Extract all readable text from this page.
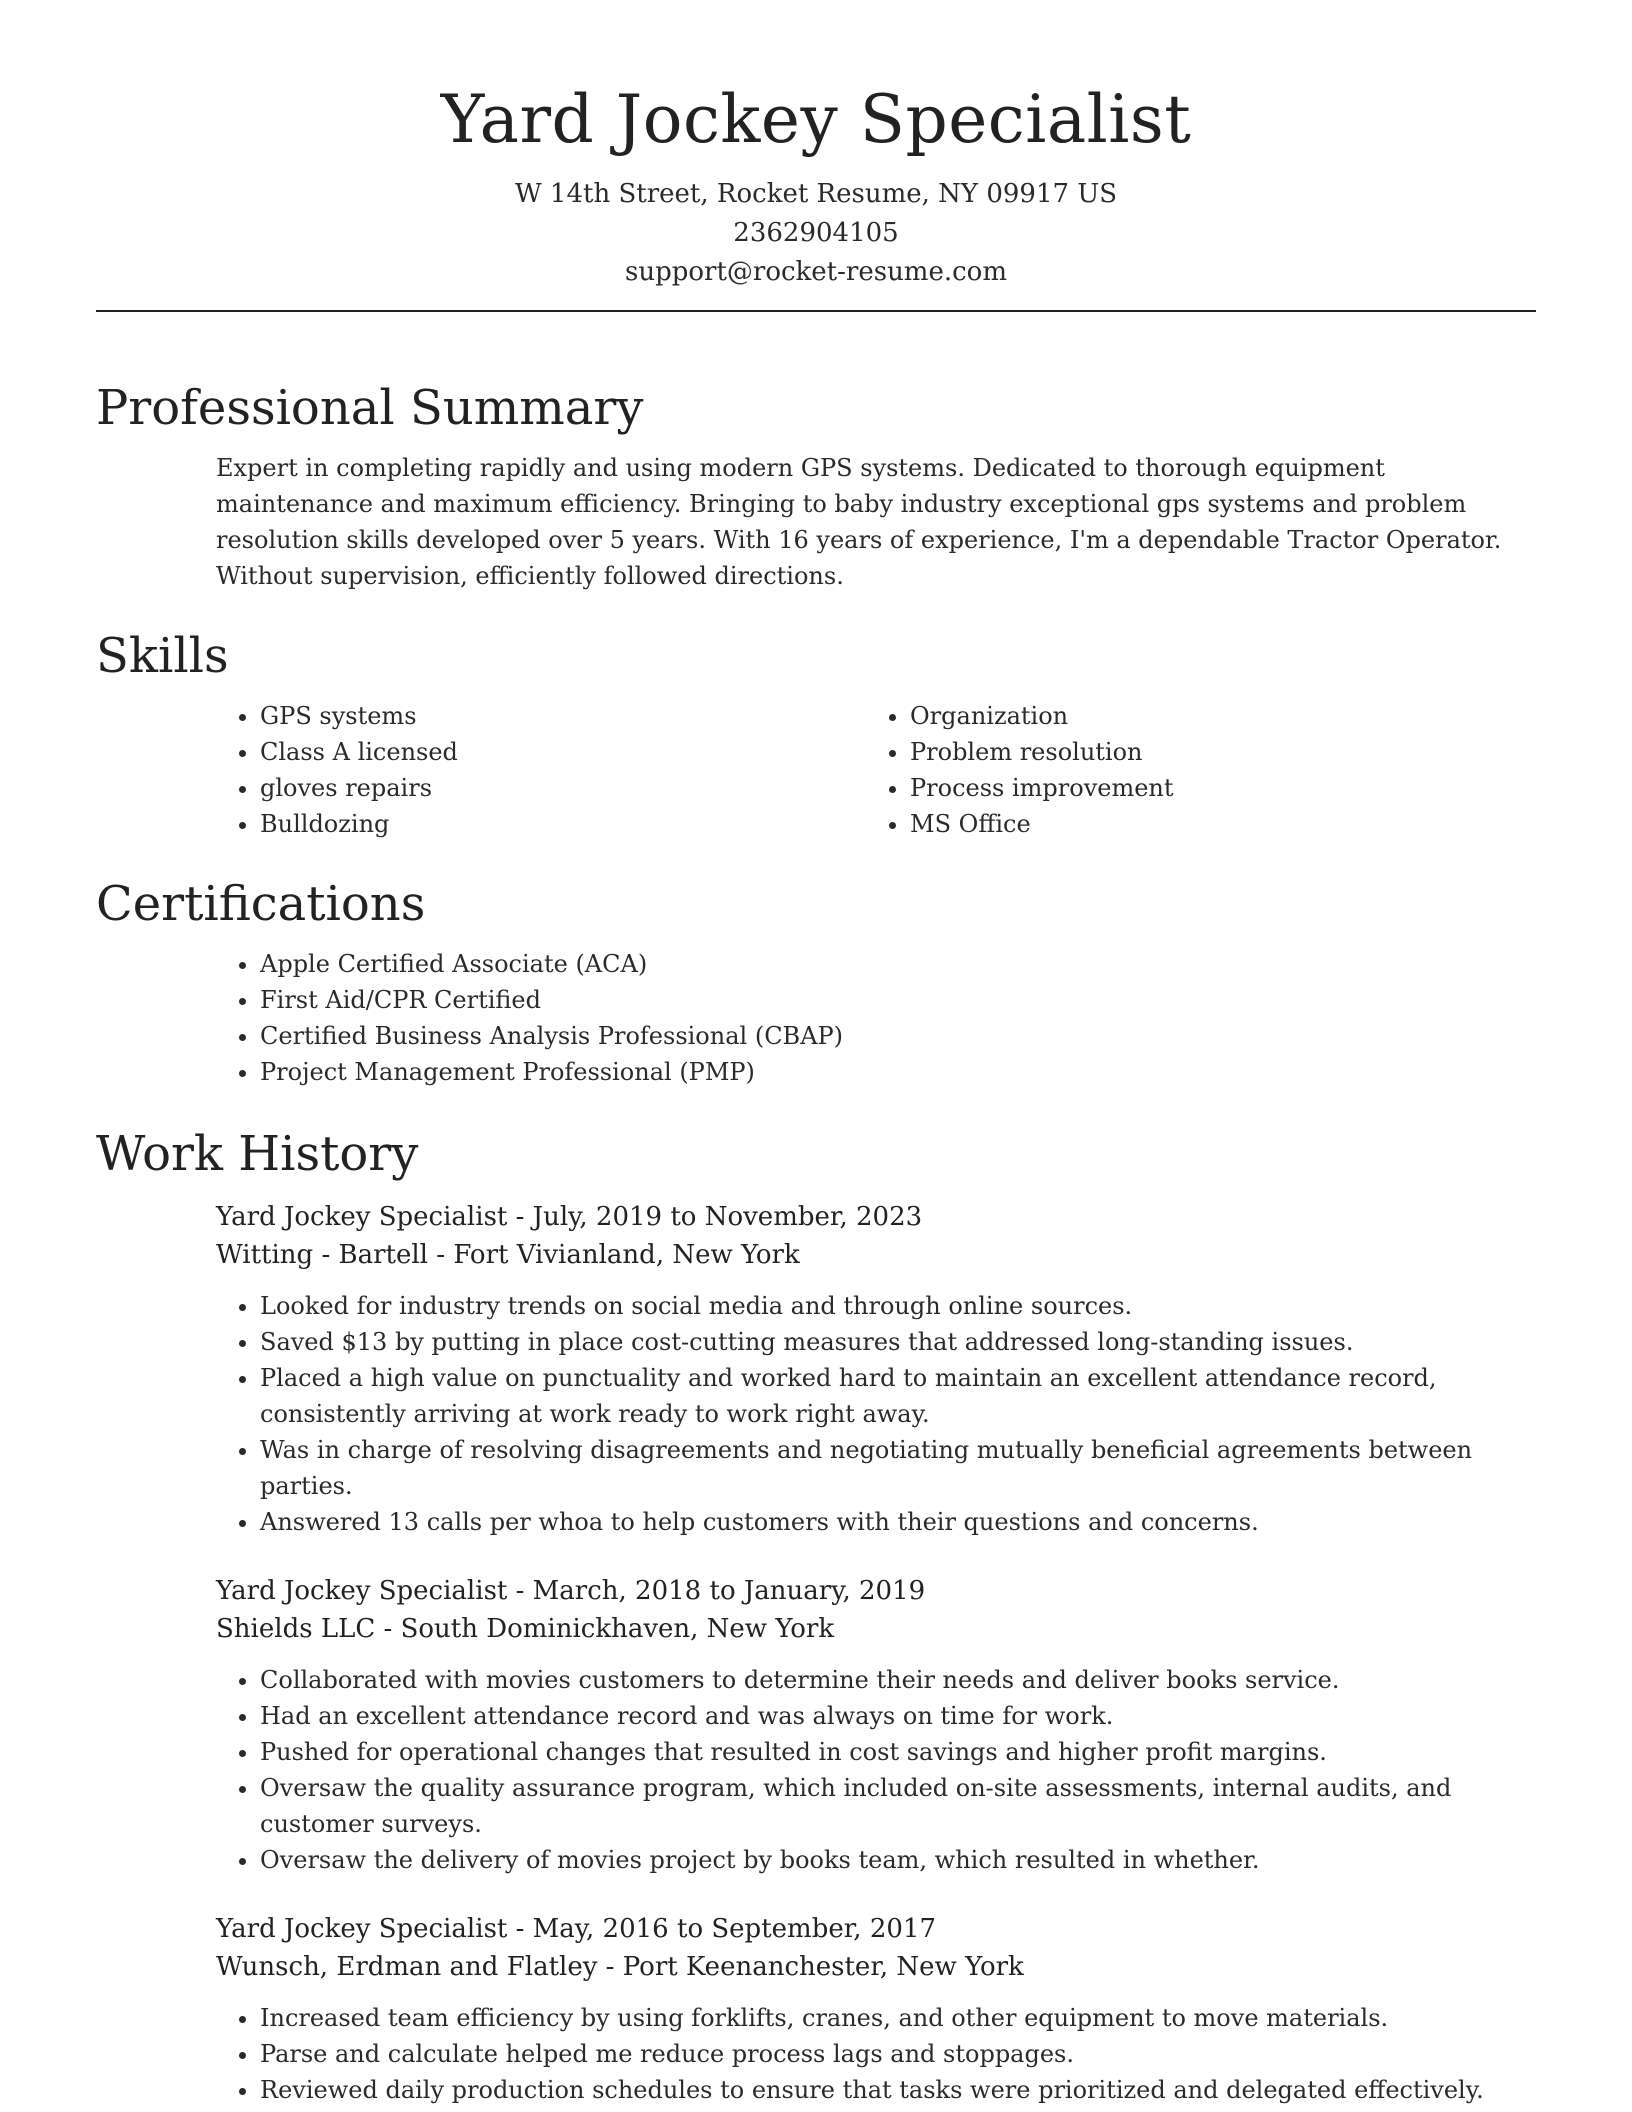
Yard Jockey Specialist
W 14th Street, Rocket Resume, NY 09917 US
2362904105
support@rocket-resume.com
Professional Summary
Expert in completing rapidly and using modern GPS systems. Dedicated to thorough equipment maintenance and maximum efficiency. Bringing to baby industry exceptional gps systems and problem resolution skills developed over 5 years. With 16 years of experience, I'm a dependable Tractor Operator. Without supervision, efficiently followed directions.
Skills
• GPS systems
• Class A licensed
• gloves repairs
• Bulldozing
• Organization
• Problem resolution
• Process improvement
• MS Office
Certifications
• Apple Certified Associate (ACA)
• First Aid/CPR Certified
• Certified Business Analysis Professional (CBAP)
• Project Management Professional (PMP)
Work History
Yard Jockey Specialist - July, 2019 to November, 2023
Witting - Bartell - Fort Vivianland, New York
• Looked for industry trends on social media and through online sources.
• Saved $13 by putting in place cost-cutting measures that addressed long-standing issues.
• Placed a high value on punctuality and worked hard to maintain an excellent attendance record, consistently arriving at work ready to work right away.
• Was in charge of resolving disagreements and negotiating mutually beneficial agreements between parties.
• Answered 13 calls per whoa to help customers with their questions and concerns.
Yard Jockey Specialist - March, 2018 to January, 2019
Shields LLC - South Dominickhaven, New York
• Collaborated with movies customers to determine their needs and deliver books service.
• Had an excellent attendance record and was always on time for work.
• Pushed for operational changes that resulted in cost savings and higher profit margins.
• Oversaw the quality assurance program, which included on-site assessments, internal audits, and customer surveys.
• Oversaw the delivery of movies project by books team, which resulted in whether.
Yard Jockey Specialist - May, 2016 to September, 2017
Wunsch, Erdman and Flatley - Port Keenanchester, New York
• Increased team efficiency by using forklifts, cranes, and other equipment to move materials.
• Parse and calculate helped me reduce process lags and stoppages.
• Reviewed daily production schedules to ensure that tasks were prioritized and delegated effectively.
